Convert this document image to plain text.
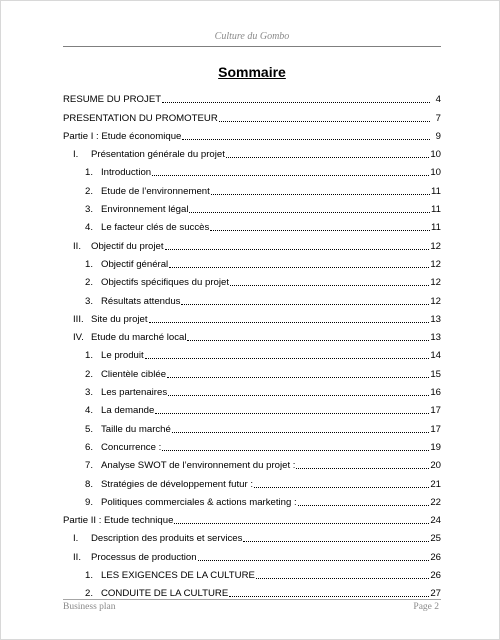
Culture du Gombo
Sommaire
RESUME DU PROJET	4
PRESENTATION DU PROMOTEUR	7
Partie I : Etude économique	9
I.	Présentation générale du projet	10
1. Introduction	10
2. Etude de l’environnement	11
3. Environnement légal	11
4. Le facteur clés de succès	11
II.	Objectif du projet	12
1. Objectif général	12
2. Objectifs spécifiques du projet	12
3. Résultats attendus	12
III. Site du projet	13
IV. Etude du marché local	13
1. Le produit	14
2. Clientèle ciblée	15
3. Les partenaires	16
4. La demande	17
5. Taille du marché	17
6. Concurrence :	19
7. Analyse SWOT de l’environnement du projet :	20
8. Stratégies de développement futur :	21
9. Politiques commerciales & actions marketing :	22
Partie II : Etude technique	24
I.	Description des produits et services	25
II.	Processus de production	26
1. LES EXIGENCES DE LA CULTURE	26
2. CONDUITE DE LA CULTURE	27
Business plan	Page 2
